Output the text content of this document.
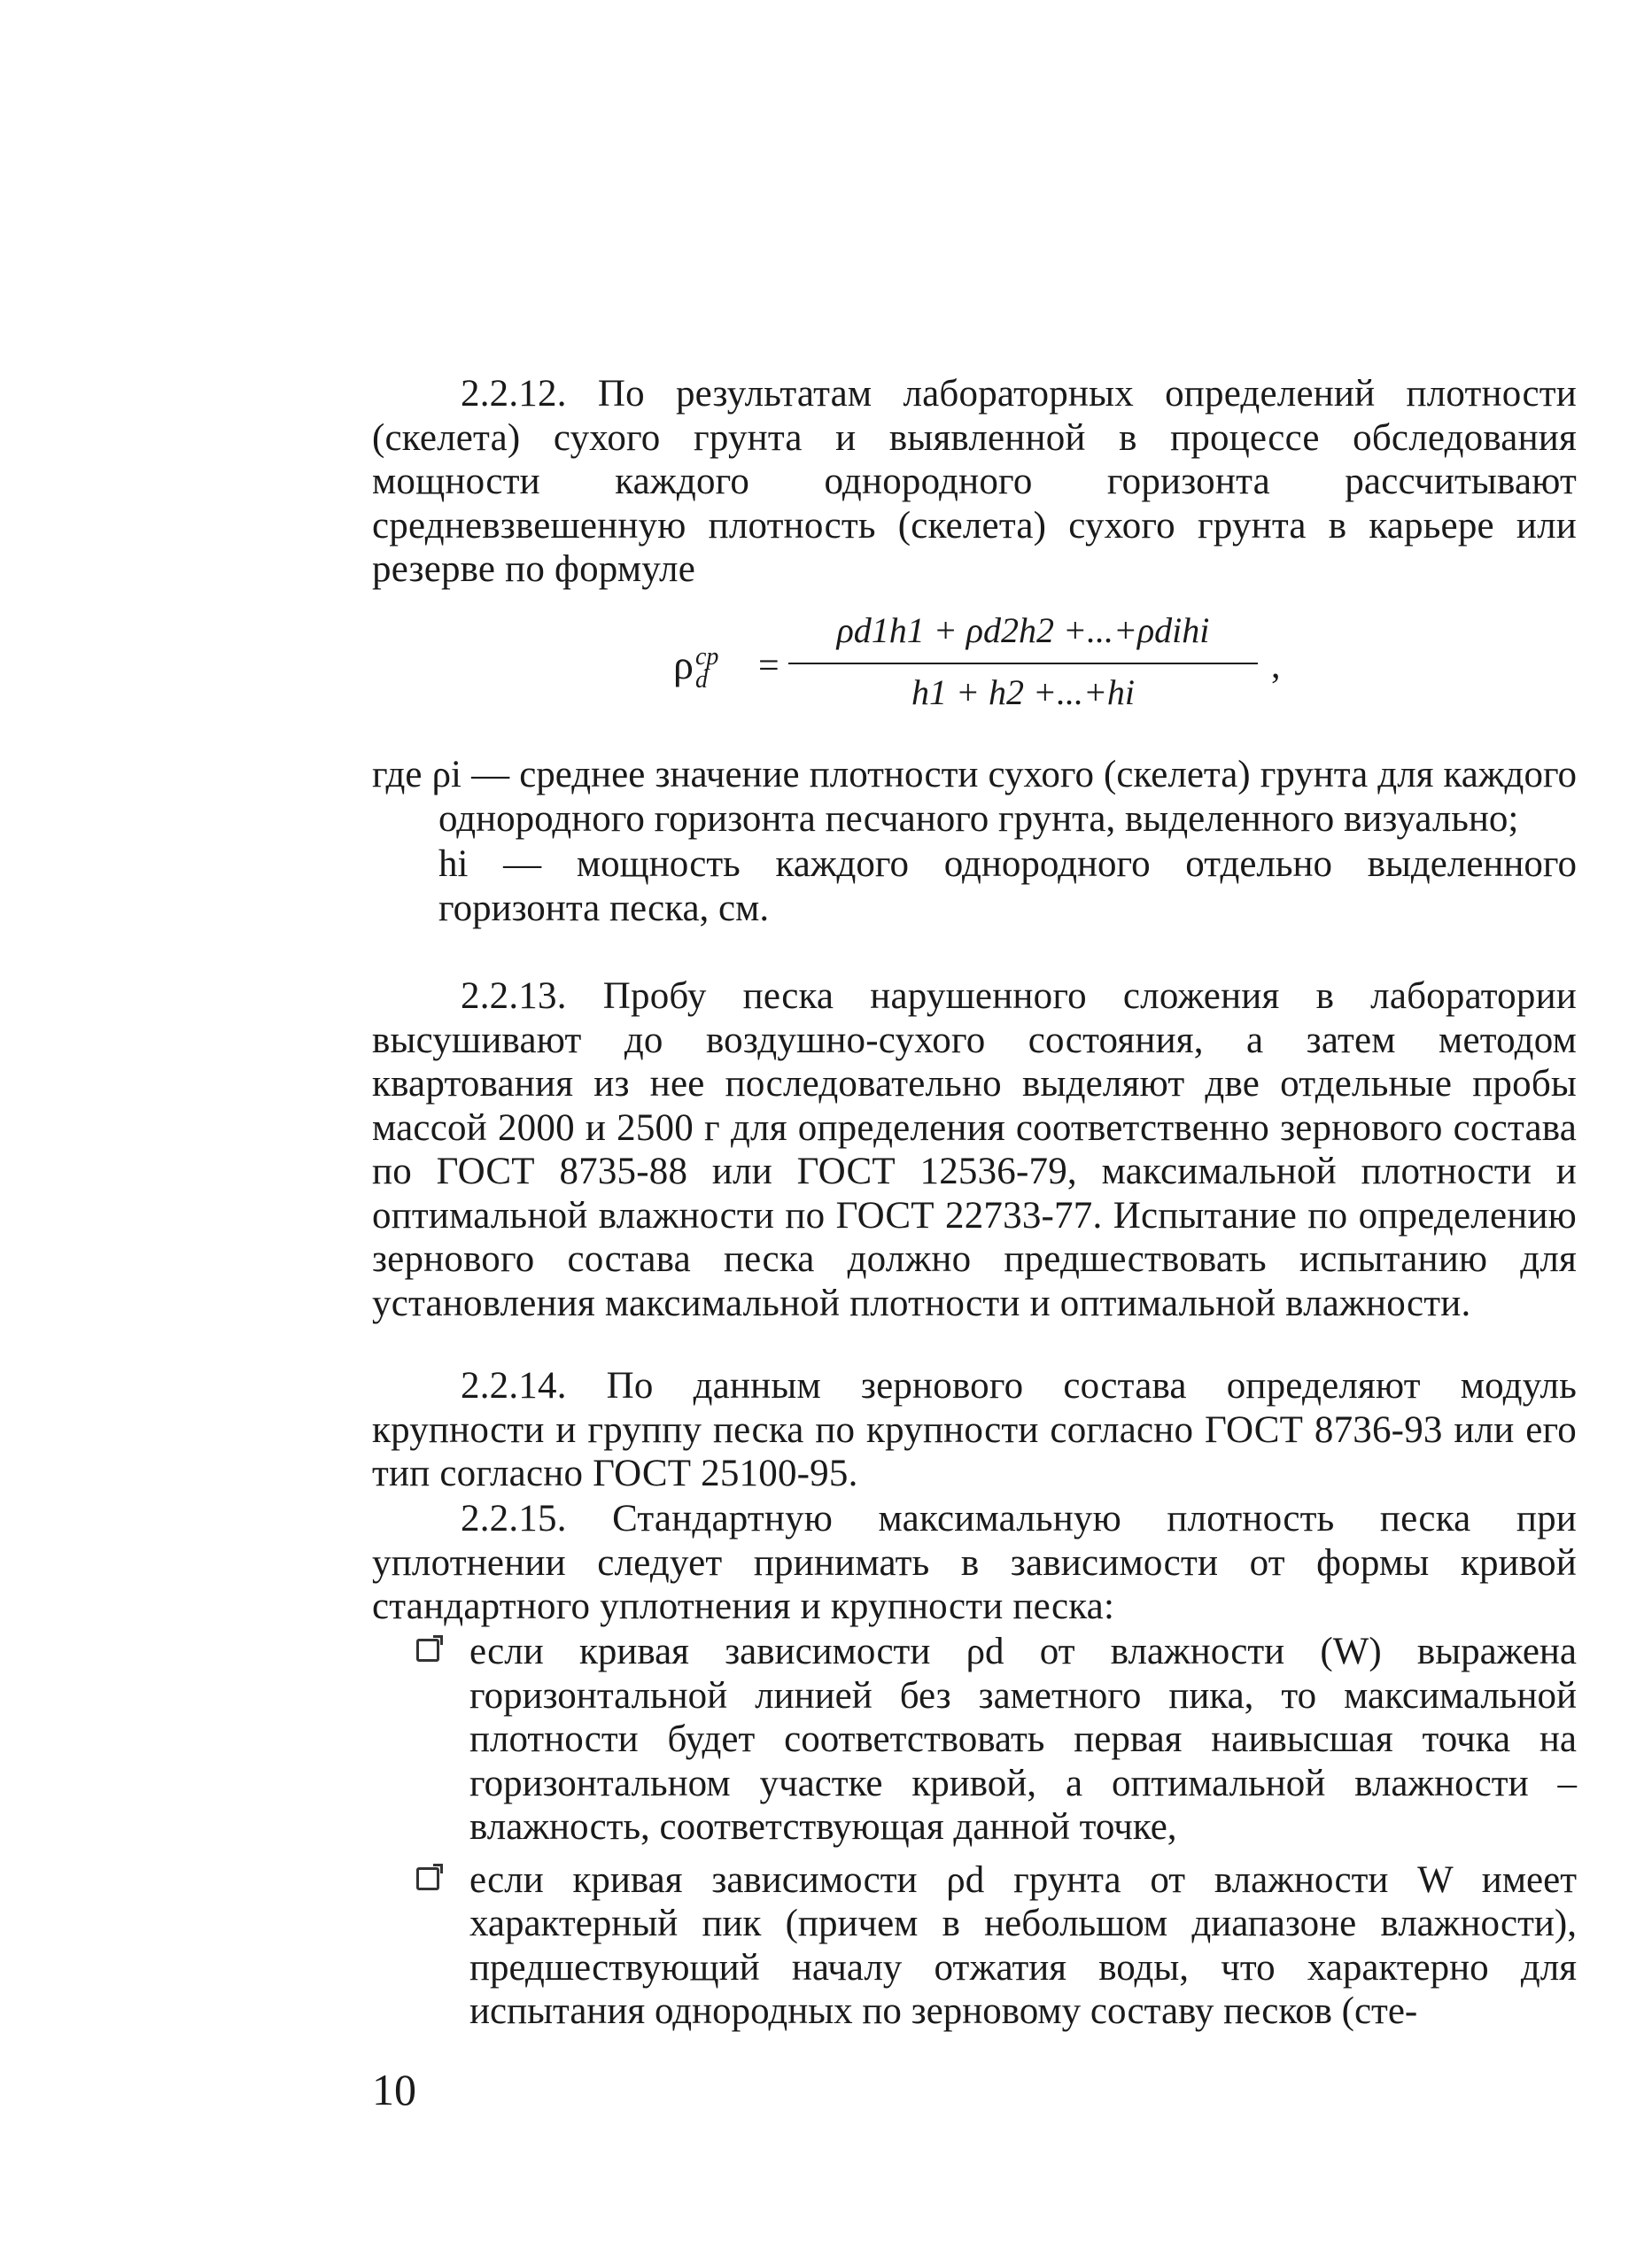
2.2.12. По результатам лабораторных определений плотности (скелета) сухого грунта и выявленной в процессе обследования мощности каждого однородного горизонта рассчитывают средневзвешенную плотность (скелета) сухого грунта в карьере или резерве по формуле

ρcp
d =
ρd1h1 + ρd2h2 +...+ρdihi
h1 + h2 +...+hi
,

где ρi — среднее значение плотности сухого (скелета) грунта для каждого однородного горизонта песчаного грунта, выделенного визуально;

hi — мощность каждого однородного отдельно выделенного горизонта песка, см.

2.2.13. Пробу песка нарушенного сложения в лаборатории высушивают до воздушно-сухого состояния, а затем методом квартования из нее последовательно выделяют две отдельные пробы массой 2000 и 2500 г для определения соответственно зернового состава по ГОСТ 8735-88 или ГОСТ 12536-79, максимальной плотности и оптимальной влажности по ГОСТ 22733-77. Испытание по определению зернового состава песка должно предшествовать испытанию для установления максимальной плотности и оптимальной влажности.

2.2.14. По данным зернового состава определяют модуль крупности и группу песка по крупности согласно ГОСТ 8736-93 или его тип согласно ГОСТ 25100-95.

2.2.15. Стандартную максимальную плотность песка при уплотнении следует принимать в зависимости от формы кривой стандартного уплотнения и крупности песка:

если кривая зависимости ρd от влажности (W) выражена горизонтальной линией без заметного пика, то максимальной плотности будет соответствовать первая наивысшая точка на горизонтальном участке кривой, а оптимальной влажности – влажность, соответствующая данной точке,

если кривая зависимости ρd грунта от влажности W имеет характерный пик (причем в небольшом диапазоне влажности), предшествующий началу отжатия воды, что характерно для испытания однородных по зерновому составу песков (сте-

10
